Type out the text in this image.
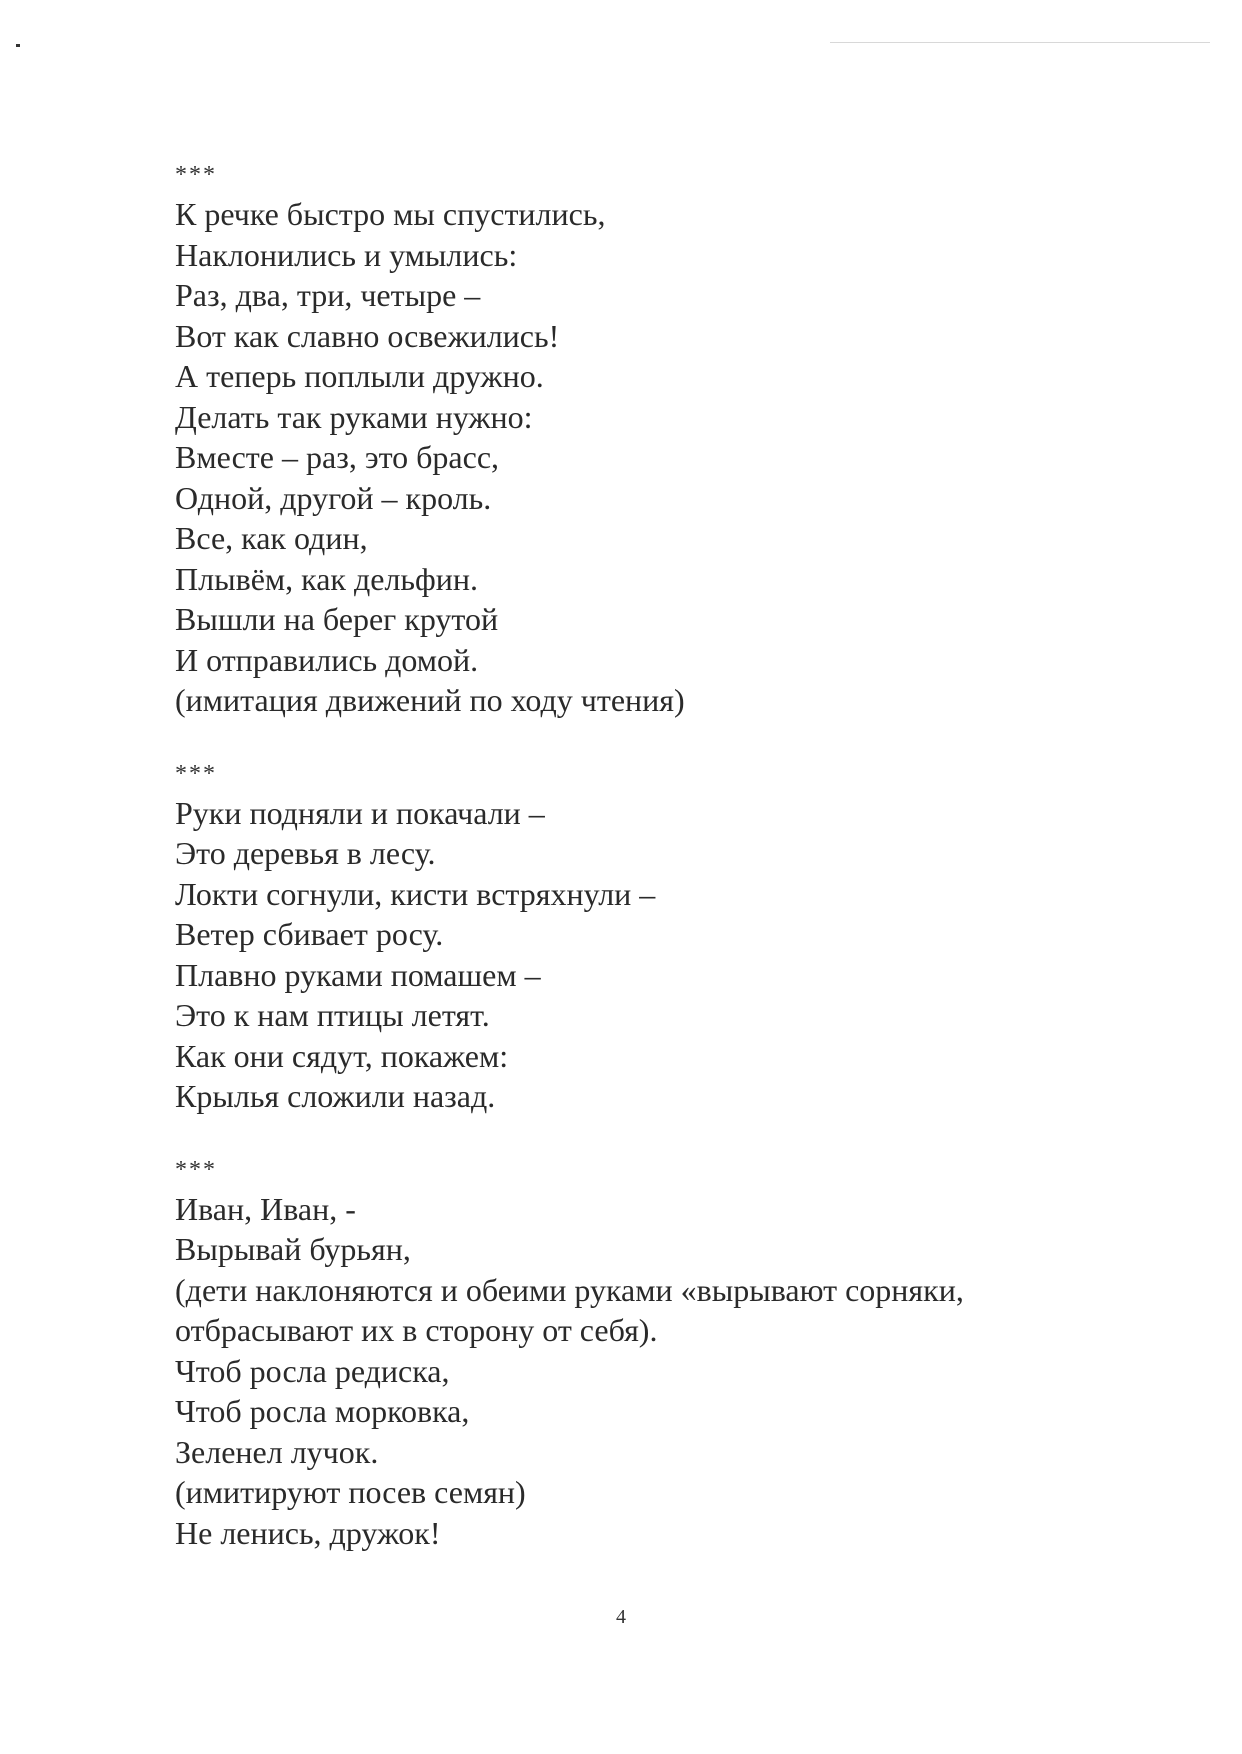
***
К речке быстро мы спустились,
Наклонились и умылись:
Раз, два, три, четыре –
Вот как славно освежились!
А теперь поплыли дружно.
Делать так руками нужно:
Вместе – раз, это брасс,
Одной, другой – кроль.
Все, как один,
Плывём, как дельфин.
Вышли на берег крутой
И отправились домой.
(имитация движений по ходу чтения)
***
Руки подняли и покачали –
Это деревья в лесу.
Локти согнули, кисти встряхнули –
Ветер сбивает росу.
Плавно руками помашем –
Это к нам птицы летят.
Как они сядут, покажем:
Крылья сложили назад.
***
Иван, Иван, -
Вырывай бурьян,
(дети наклоняются и обеими руками «вырывают сорняки,
отбрасывают их в сторону от себя).
Чтоб росла редиска,
Чтоб росла морковка,
Зеленел лучок.
(имитируют посев семян)
Не ленись, дружок!
4
